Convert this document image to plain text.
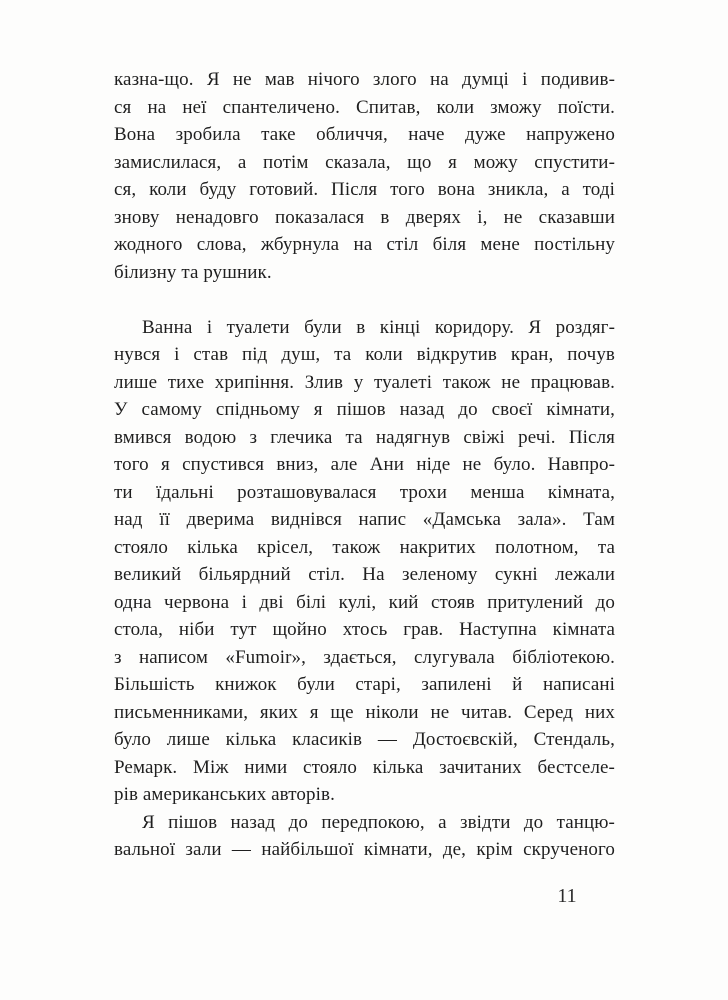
казна-що. Я не мав нічого злого на думці і подивив-
ся на неї спантеличено. Спитав, коли зможу поїсти.
Вона зробила таке обличчя, наче дуже напружено
замислилася, а потім сказала, що я можу спустити-
ся, коли буду готовий. Після того вона зникла, а тоді
знову ненадовго показалася в дверях і, не сказавши
жодного слова, жбурнула на стіл біля мене постільну
білизну та рушник.
Ванна і туалети були в кінці коридору. Я роздяг-
нувся і став під душ, та коли відкрутив кран, почув
лише тихе хрипіння. Злив у туалеті також не працював.
У самому спідньому я пішов назад до своєї кімнати,
вмився водою з глечика та надягнув свіжі речі. Після
того я спустився вниз, але Ани ніде не було. Навпро-
ти їдальні розташовувалася трохи менша кімната,
над її дверима виднівся напис «Дамська зала». Там
стояло кілька крісел, також накритих полотном, та
великий більярдний стіл. На зеленому сукні лежали
одна червона і дві білі кулі, кий стояв притулений до
стола, ніби тут щойно хтось грав. Наступна кімната
з написом «Fumoir», здається, слугувала бібліотекою.
Більшість книжок були старі, запилені й написані
письменниками, яких я ще ніколи не читав. Серед них
було лише кілька класиків — Достоєвскій, Стендаль,
Ремарк. Між ними стояло кілька зачитаних бестселе-
рів американських авторів.
Я пішов назад до передпокою, а звідти до танцю-
вальної зали — найбільшої кімнати, де, крім скрученого
11
